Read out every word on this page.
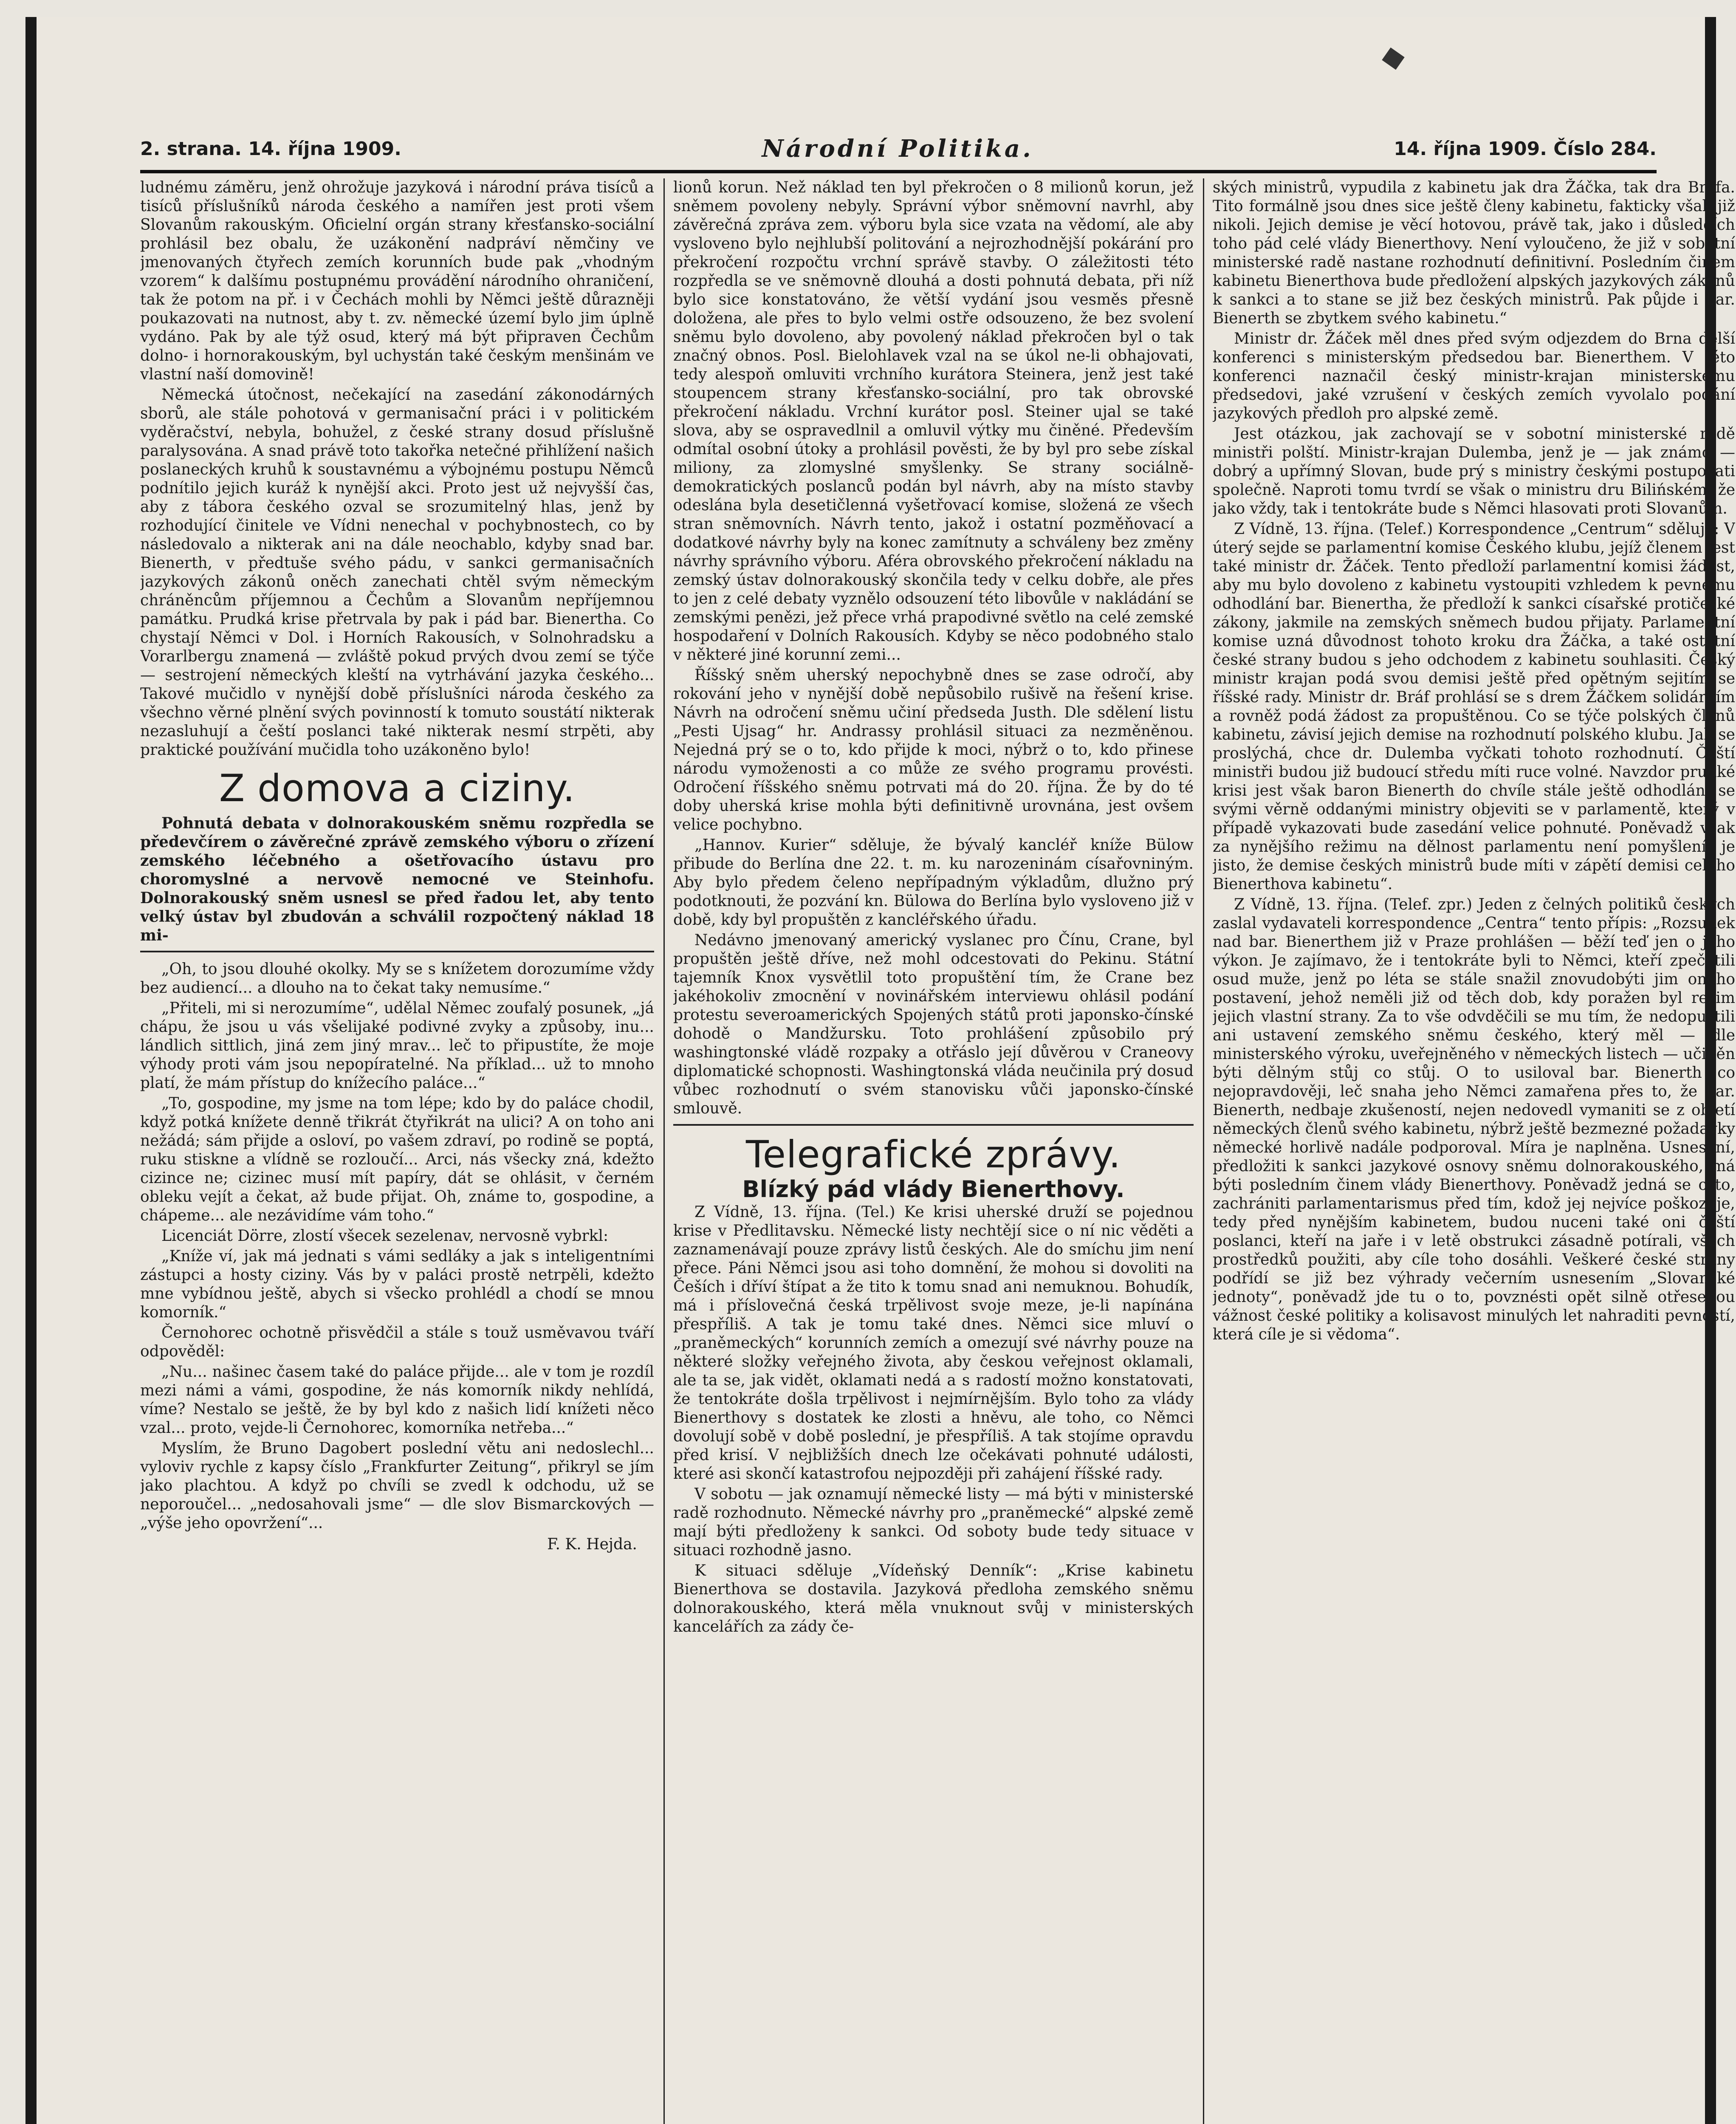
2. strana. 14. října 1909.	Národní Politika.	14. října 1909. Číslo 284.

ludnému záměru, jenž ohrožuje jazyková i národní práva tisíců a tisíců příslušníků národa českého a namířen jest proti všem Slovanům rakouským. Oficielní orgán strany křesťansko-sociální prohlásil bez obalu, že uzákonění nadpráví němčiny ve jmenovaných čtyřech zemích korunních bude pak „vhodným vzorem“ k dalšímu postupnému provádění národního ohraničení, tak že potom na př. i v Čechách mohli by Němci ještě důrazněji poukazovati na nutnost, aby t. zv. německé území bylo jim úplně vydáno. Pak by ale týž osud, který má být připraven Čechům dolno- i hornorakouským, byl uchystán také českým menšinám ve vlastní naší domovině!

Německá útočnost, nečekající na zasedání zákonodárných sborů, ale stále pohotová v germanisační práci i v politickém vyděračství, nebyla, bohužel, z české strany dosud příslušně paralysována. A snad právě toto takořka netečné přihlížení našich poslaneckých kruhů k soustavnému a výbojnému postupu Němců podnítilo jejich kuráž k nynější akci. Proto jest už nejvyšší čas, aby z tábora českého ozval se srozumitelný hlas, jenž by rozhodující činitele ve Vídni nenechal v pochybnostech, co by následovalo a nikterak ani na dále neochablo, kdyby snad bar. Bienerth, v předtuše svého pádu, v sankci germanisačních jazykových zákonů oněch zanechati chtěl svým německým chráněncům příjemnou a Čechům a Slovanům nepříjemnou památku. Prudká krise přetrvala by pak i pád bar. Bienertha. Co chystají Němci v Dol. i Horních Rakousích, v Solnohradsku a Vorarlbergu znamená — zvláště pokud prvých dvou zemí se týče — sestrojení německých kleští na vytrhávání jazyka českého... Takové mučidlo v nynější době příslušníci národa českého za všechno věrné plnění svých povinností k tomuto soustátí nikterak nezasluhují a čeští poslanci také nikterak nesmí strpěti, aby praktické používání mučidla toho uzákoněno bylo!

Z domova a ciziny.

Pohnutá debata v dolnorakouském sněmu rozpředla se předevčírem o závěrečné zprávě zemského výboru o zřízení zemského léčebného a ošetřovacího ústavu pro choromyslné a nervově nemocné ve Steinhofu. Dolnorakouský sněm usnesl se před řadou let, aby tento velký ústav byl zbudován a schválil rozpočtený náklad 18 mi-

„Oh, to jsou dlouhé okolky. My se s knížetem dorozumíme vždy bez audiencí... a dlouho na to čekat taky nemusíme.“

„Přiteli, mi si nerozumíme“, udělal Němec zoufalý posunek, „já chápu, že jsou u vás všelijaké podivné zvyky a způsoby, inu... lándlich sittlich, jiná zem jiný mrav... leč to připustíte, že moje výhody proti vám jsou nepopíratelné. Na příklad... už to mnoho platí, že mám přístup do knížecího paláce...“

„To, gospodine, my jsme na tom lépe; kdo by do paláce chodil, když potká knížete denně třikrát čtyřikrát na ulici? A on toho ani nežádá; sám přijde a osloví, po vašem zdraví, po rodině se poptá, ruku stiskne a vlídně se rozloučí... Arci, nás všecky zná, kdežto cizince ne; cizinec musí mít papíry, dát se ohlásit, v černém obleku vejít a čekat, až bude přijat. Oh, známe to, gospodine, a chápeme... ale nezávidíme vám toho.“

Licenciát Dörre, zlostí všecek sezelenav, nervosně vybrkl:

„Kníže ví, jak má jednati s vámi sedláky a jak s inteligentními zástupci a hosty ciziny. Vás by v paláci prostě netrpěli, kdežto mne vybídnou ještě, abych si všecko prohlédl a chodí se mnou komorník.“

Černohorec ochotně přisvědčil a stále s touž usměvavou tváří odpověděl:

„Nu... našinec časem také do paláce přijde... ale v tom je rozdíl mezi námi a vámi, gospodine, že nás komorník nikdy nehlídá, víme? Nestalo se ještě, že by byl kdo z našich lidí knížeti něco vzal... proto, vejde-li Černohorec, komorníka netřeba...“

Myslím, že Bruno Dagobert poslední větu ani nedoslechl... vyloviv rychle z kapsy číslo „Frankfurter Zeitung“, přikryl se jím jako plachtou. A když po chvíli se zvedl k odchodu, už se neporoučel... „nedosahovali jsme“ — dle slov Bismarckových — „výše jeho opovržení“...

F. K. Hejda.

lionů korun. Než náklad ten byl překročen o 8 milionů korun, jež sněmem povoleny nebyly. Správní výbor sněmovní navrhl, aby závěrečná zpráva zem. výboru byla sice vzata na vědomí, ale aby vysloveno bylo nejhlubší politování a nejrozhodnější pokárání pro překročení rozpočtu vrchní správě stavby. O záležitosti této rozpředla se ve sněmovně dlouhá a dosti pohnutá debata, při níž bylo sice konstatováno, že větší vydání jsou vesměs přesně doložena, ale přes to bylo velmi ostře odsouzeno, že bez svolení sněmu bylo dovoleno, aby povolený náklad překročen byl o tak značný obnos. Posl. Bielohlavek vzal na se úkol ne-li obhajovati, tedy alespoň omluviti vrchního kurátora Steinera, jenž jest také stoupencem strany křesťansko-sociální, pro tak obrovské překročení nákladu. Vrchní kurátor posl. Steiner ujal se také slova, aby se ospravedlnil a omluvil výtky mu činěné. Především odmítal osobní útoky a prohlásil pověsti, že by byl pro sebe získal miliony, za zlomyslné smyšlenky. Se strany sociálně-demokratických poslanců podán byl návrh, aby na místo stavby odeslána byla desetičlenná vyšetřovací komise, složená ze všech stran sněmovních. Návrh tento, jakož i ostatní pozměňovací a dodatkové návrhy byly na konec zamítnuty a schváleny bez změny návrhy správního výboru. Aféra obrovského překročení nákladu na zemský ústav dolnorakouský skončila tedy v celku dobře, ale přes to jen z celé debaty vyznělo odsouzení této libovůle v nakládání se zemskými penězi, jež přece vrhá prapodivné světlo na celé zemské hospodaření v Dolních Rakousích. Kdyby se něco podobného stalo v některé jiné korunní zemi...

Říšský sněm uherský nepochybně dnes se zase odročí, aby rokování jeho v nynější době nepůsobilo rušivě na řešení krise. Návrh na odročení sněmu učiní předseda Justh. Dle sdělení listu „Pesti Ujsag“ hr. Andrassy prohlásil situaci za nezměněnou. Nejedná prý se o to, kdo přijde k moci, nýbrž o to, kdo přinese národu vymoženosti a co může ze svého programu provésti. Odročení říšského sněmu potrvati má do 20. října. Že by do té doby uherská krise mohla býti definitivně urovnána, jest ovšem velice pochybno.

„Hannov. Kurier“ sděluje, že bývalý kancléř kníže Bülow přibude do Berlína dne 22. t. m. ku narozeninám císařovniným. Aby bylo předem čeleno nepřípadným výkladům, dlužno prý podotknouti, že pozvání kn. Bülowa do Berlína bylo vysloveno již v době, kdy byl propuštěn z kancléřského úřadu.

Nedávno jmenovaný americký vyslanec pro Čínu, Crane, byl propuštěn ještě dříve, než mohl odcestovati do Pekinu. Státní tajemník Knox vysvětlil toto propuštění tím, že Crane bez jakéhokoliv zmocnění v novinářském interviewu ohlásil podání protestu severoamerických Spojených států proti japonsko-čínské dohodě o Mandžursku. Toto prohlášení způsobilo prý washingtonské vládě rozpaky a otřáslo její důvěrou v Craneovy diplomatické schopnosti. Washingtonská vláda neučinila prý dosud vůbec rozhodnutí o svém stanovisku vůči japonsko-čínské smlouvě.

Telegrafické zprávy.
Blízký pád vlády Bienerthovy.

Z Vídně, 13. října. (Tel.) Ke krisi uherské druží se pojednou krise v Předlitavsku. Německé listy nechtějí sice o ní nic věděti a zaznamenávají pouze zprávy listů českých. Ale do smíchu jim není přece. Páni Němci jsou asi toho domnění, že mohou si dovoliti na Češích i dříví štípat a že tito k tomu snad ani nemuknou. Bohudík, má i příslovečná česká trpělivost svoje meze, je-li napínána přespříliš. A tak je tomu také dnes. Němci sice mluví o „praněmeckých“ korunních zemích a omezují své návrhy pouze na některé složky veřejného života, aby českou veřejnost oklamali, ale ta se, jak vidět, oklamati nedá a s radostí možno konstatovati, že tentokráte došla trpělivost i nejmírnějším. Bylo toho za vlády Bienerthovy s dostatek ke zlosti a hněvu, ale toho, co Němci dovolují sobě v době poslední, je přespříliš. A tak stojíme opravdu před krisí. V nejbližších dnech lze očekávati pohnuté události, které asi skončí katastrofou nejpozději při zahájení říšské rady.

V sobotu — jak oznamují německé listy — má býti v ministerské radě rozhodnuto. Německé návrhy pro „praněmecké“ alpské země mají býti předloženy k sankci. Od soboty bude tedy situace v situaci rozhodně jasno.

K situaci sděluje „Vídeňský Denník“: „Krise kabinetu Bienerthova se dostavila. Jazyková předloha zemského sněmu dolnorakouského, která měla vnuknout svůj v ministerských kancelářích za zády če-

ských ministrů, vypudila z kabinetu jak dra Žáčka, tak dra Bráfa. Tito formálně jsou dnes sice ještě členy kabinetu, fakticky však již nikoli. Jejich demise je věcí hotovou, právě tak, jako i důsledcích toho pád celé vlády Bienerthovy. Není vyloučeno, že již v sobotní ministerské radě nastane rozhodnutí definitivní. Posledním činem kabinetu Bienerthova bude předložení alpských jazykových zákonů k sankci a to stane se již bez českých ministrů. Pak půjde i bar. Bienerth se zbytkem svého kabinetu.“

Ministr dr. Žáček měl dnes před svým odjezdem do Brna delší konferenci s ministerským předsedou bar. Bienerthem. V této konferenci naznačil český ministr-krajan ministerskému předsedovi, jaké vzrušení v českých zemích vyvolalo podání jazykových předloh pro alpské země.

Jest otázkou, jak zachovají se v sobotní ministerské radě ministři polští. Ministr-krajan Dulemba, jenž je — jak známo — dobrý a upřímný Slovan, bude prý s ministry českými postupovati společně. Naproti tomu tvrdí se však o ministru dru Bilińském, že jako vždy, tak i tentokráte bude s Němci hlasovati proti Slovanům.

Z Vídně, 13. října. (Telef.) Korrespondence „Centrum“ sděluje: V úterý sejde se parlamentní komise Českého klubu, jejíž členem jest také ministr dr. Žáček. Tento předloží parlamentní komisi žádost, aby mu bylo dovoleno z kabinetu vystoupiti vzhledem k pevnému odhodlání bar. Bienertha, že předloží k sankci císařské protičeské zákony, jakmile na zemských sněmech budou přijaty. Parlamentní komise uzná důvodnost tohoto kroku dra Žáčka, a také ostatní české strany budou s jeho odchodem z kabinetu souhlasiti. Český ministr krajan podá svou demisi ještě před opětným sejitím se říšské rady. Ministr dr. Bráf prohlásí se s drem Žáčkem solidárním a rovněž podá žádost za propuštěnou. Co se týče polských členů kabinetu, závisí jejich demise na rozhodnutí polského klubu. Jak se proslýchá, chce dr. Dulemba vyčkati tohoto rozhodnutí. Čeští ministři budou již budoucí středu míti ruce volné. Navzdor prudké krisi jest však baron Bienerth do chvíle stále ještě odhodlán, se svými věrně oddanými ministry objeviti se v parlamentě, který v případě vykazovati bude zasedání velice pohnuté. Poněvadž však za nynějšího režimu na dělnost parlamentu není pomyšlení, je jisto, že demise českých ministrů bude míti v zápětí demisi celého Bienerthova kabinetu“.

Z Vídně, 13. října. (Telef. zpr.) Jeden z čelných politiků českých zaslal vydavateli korrespondence „Centra“ tento přípis: „Rozsudek nad bar. Bienerthem již v Praze prohlášen — běží teď jen o jeho výkon. Je zajímavo, že i tentokráte byli to Němci, kteří zpečetili osud muže, jenž po léta se stále snažil znovudobýti jim onoho postavení, jehož neměli již od těch dob, kdy poražen byl režim jejich vlastní strany. Za to vše odvděčili se mu tím, že nedopustili ani ustavení zemského sněmu českého, který měl — dle ministerského výroku, uveřejněného v německých listech — učiněn býti dělným stůj co stůj. O to usiloval bar. Bienerth co nejopravdověji, leč snaha jeho Němci zamařena přes to, že bar. Bienerth, nedbaje zkušeností, nejen nedovedl vymaniti se z objetí německých členů svého kabinetu, nýbrž ještě bezmezné požadavky německé horlivě nadále podporoval. Míra je naplněna. Usnesení, předložiti k sankci jazykové osnovy sněmu dolnorakouského, má býti posledním činem vlády Bienerthovy. Poněvadž jedná se o to, zachrániti parlamentarismus před tím, kdož jej nejvíce poškozuje, tedy před nynějším kabinetem, budou nuceni také oni čeští poslanci, kteří na jaře i v letě obstrukci zásadně potírali, všech prostředků použiti, aby cíle toho dosáhli. Veškeré české strany podřídí se již bez výhrady večerním usnesením „Slovanské jednoty“, poněvadž jde tu o to, povznésti opět silně otřesenou vážnost české politiky a kolisavost minulých let nahraditi pevností, která cíle je si vědoma“.
